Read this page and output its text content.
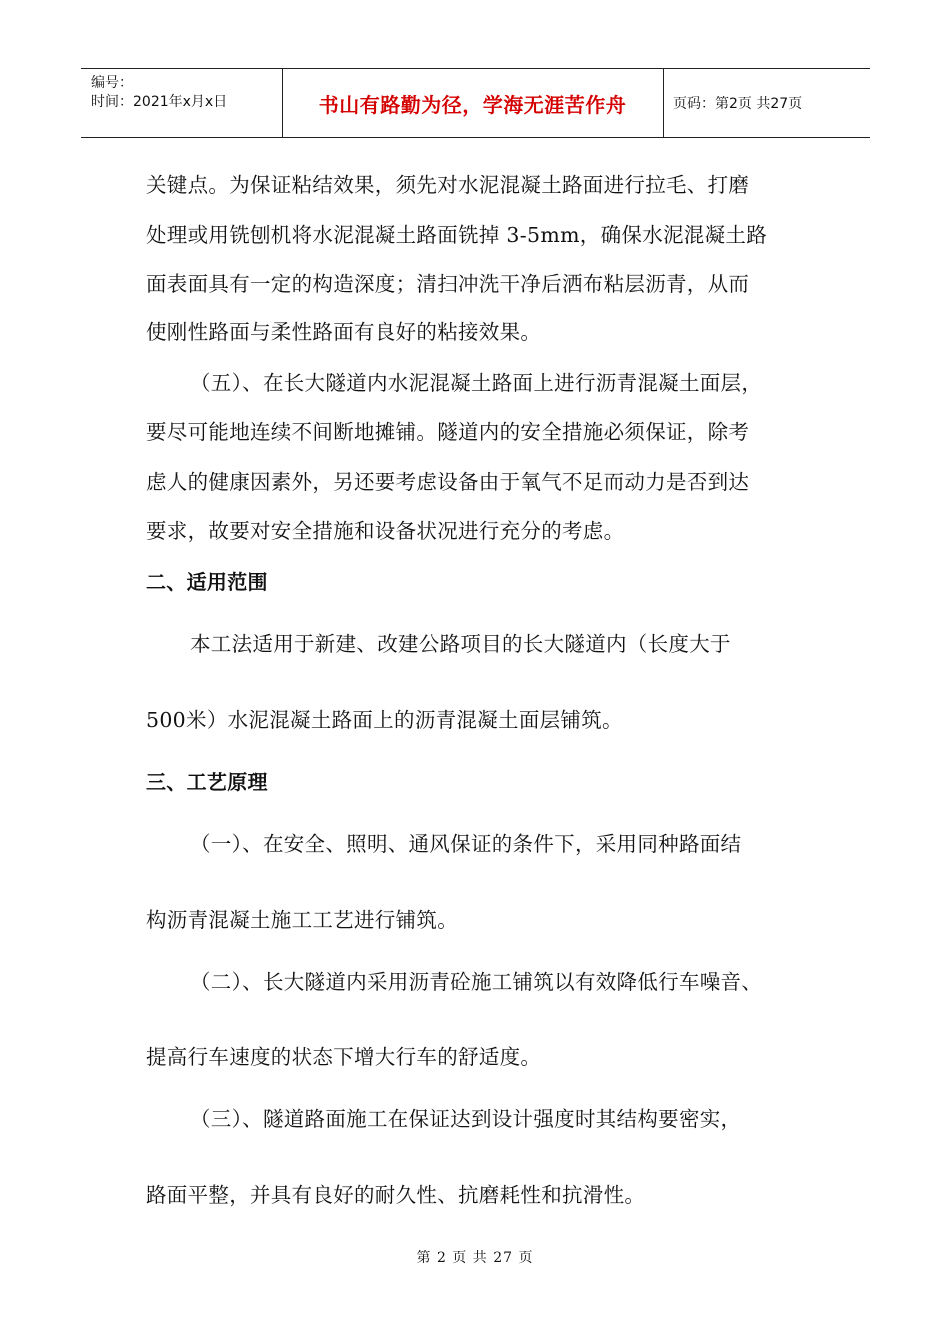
编号：
时间：2021年x月x日	书山有路勤为径，学海无涯苦作舟	页码：第2页 共27页
关键点。为保证粘结效果，须先对水泥混凝土路面进行拉毛、打磨
处理或用铣刨机将水泥混凝土路面铣掉 3-5mm，确保水泥混凝土路
面表面具有一定的构造深度；清扫冲洗干净后洒布粘层沥青，从而
使刚性路面与柔性路面有良好的粘接效果。
（五）、在长大隧道内水泥混凝土路面上进行沥青混凝土面层，
要尽可能地连续不间断地摊铺。隧道内的安全措施必须保证，除考
虑人的健康因素外，另还要考虑设备由于氧气不足而动力是否到达
要求，故要对安全措施和设备状况进行充分的考虑。
二、适用范围
本工法适用于新建、改建公路项目的长大隧道内（长度大于
500米）水泥混凝土路面上的沥青混凝土面层铺筑。
三、工艺原理
（一）、在安全、照明、通风保证的条件下，采用同种路面结
构沥青混凝土施工工艺进行铺筑。
（二）、长大隧道内采用沥青砼施工铺筑以有效降低行车噪音、
提高行车速度的状态下增大行车的舒适度。
（三）、隧道路面施工在保证达到设计强度时其结构要密实，
路面平整，并具有良好的耐久性、抗磨耗性和抗滑性。
第 2 页 共 27 页
